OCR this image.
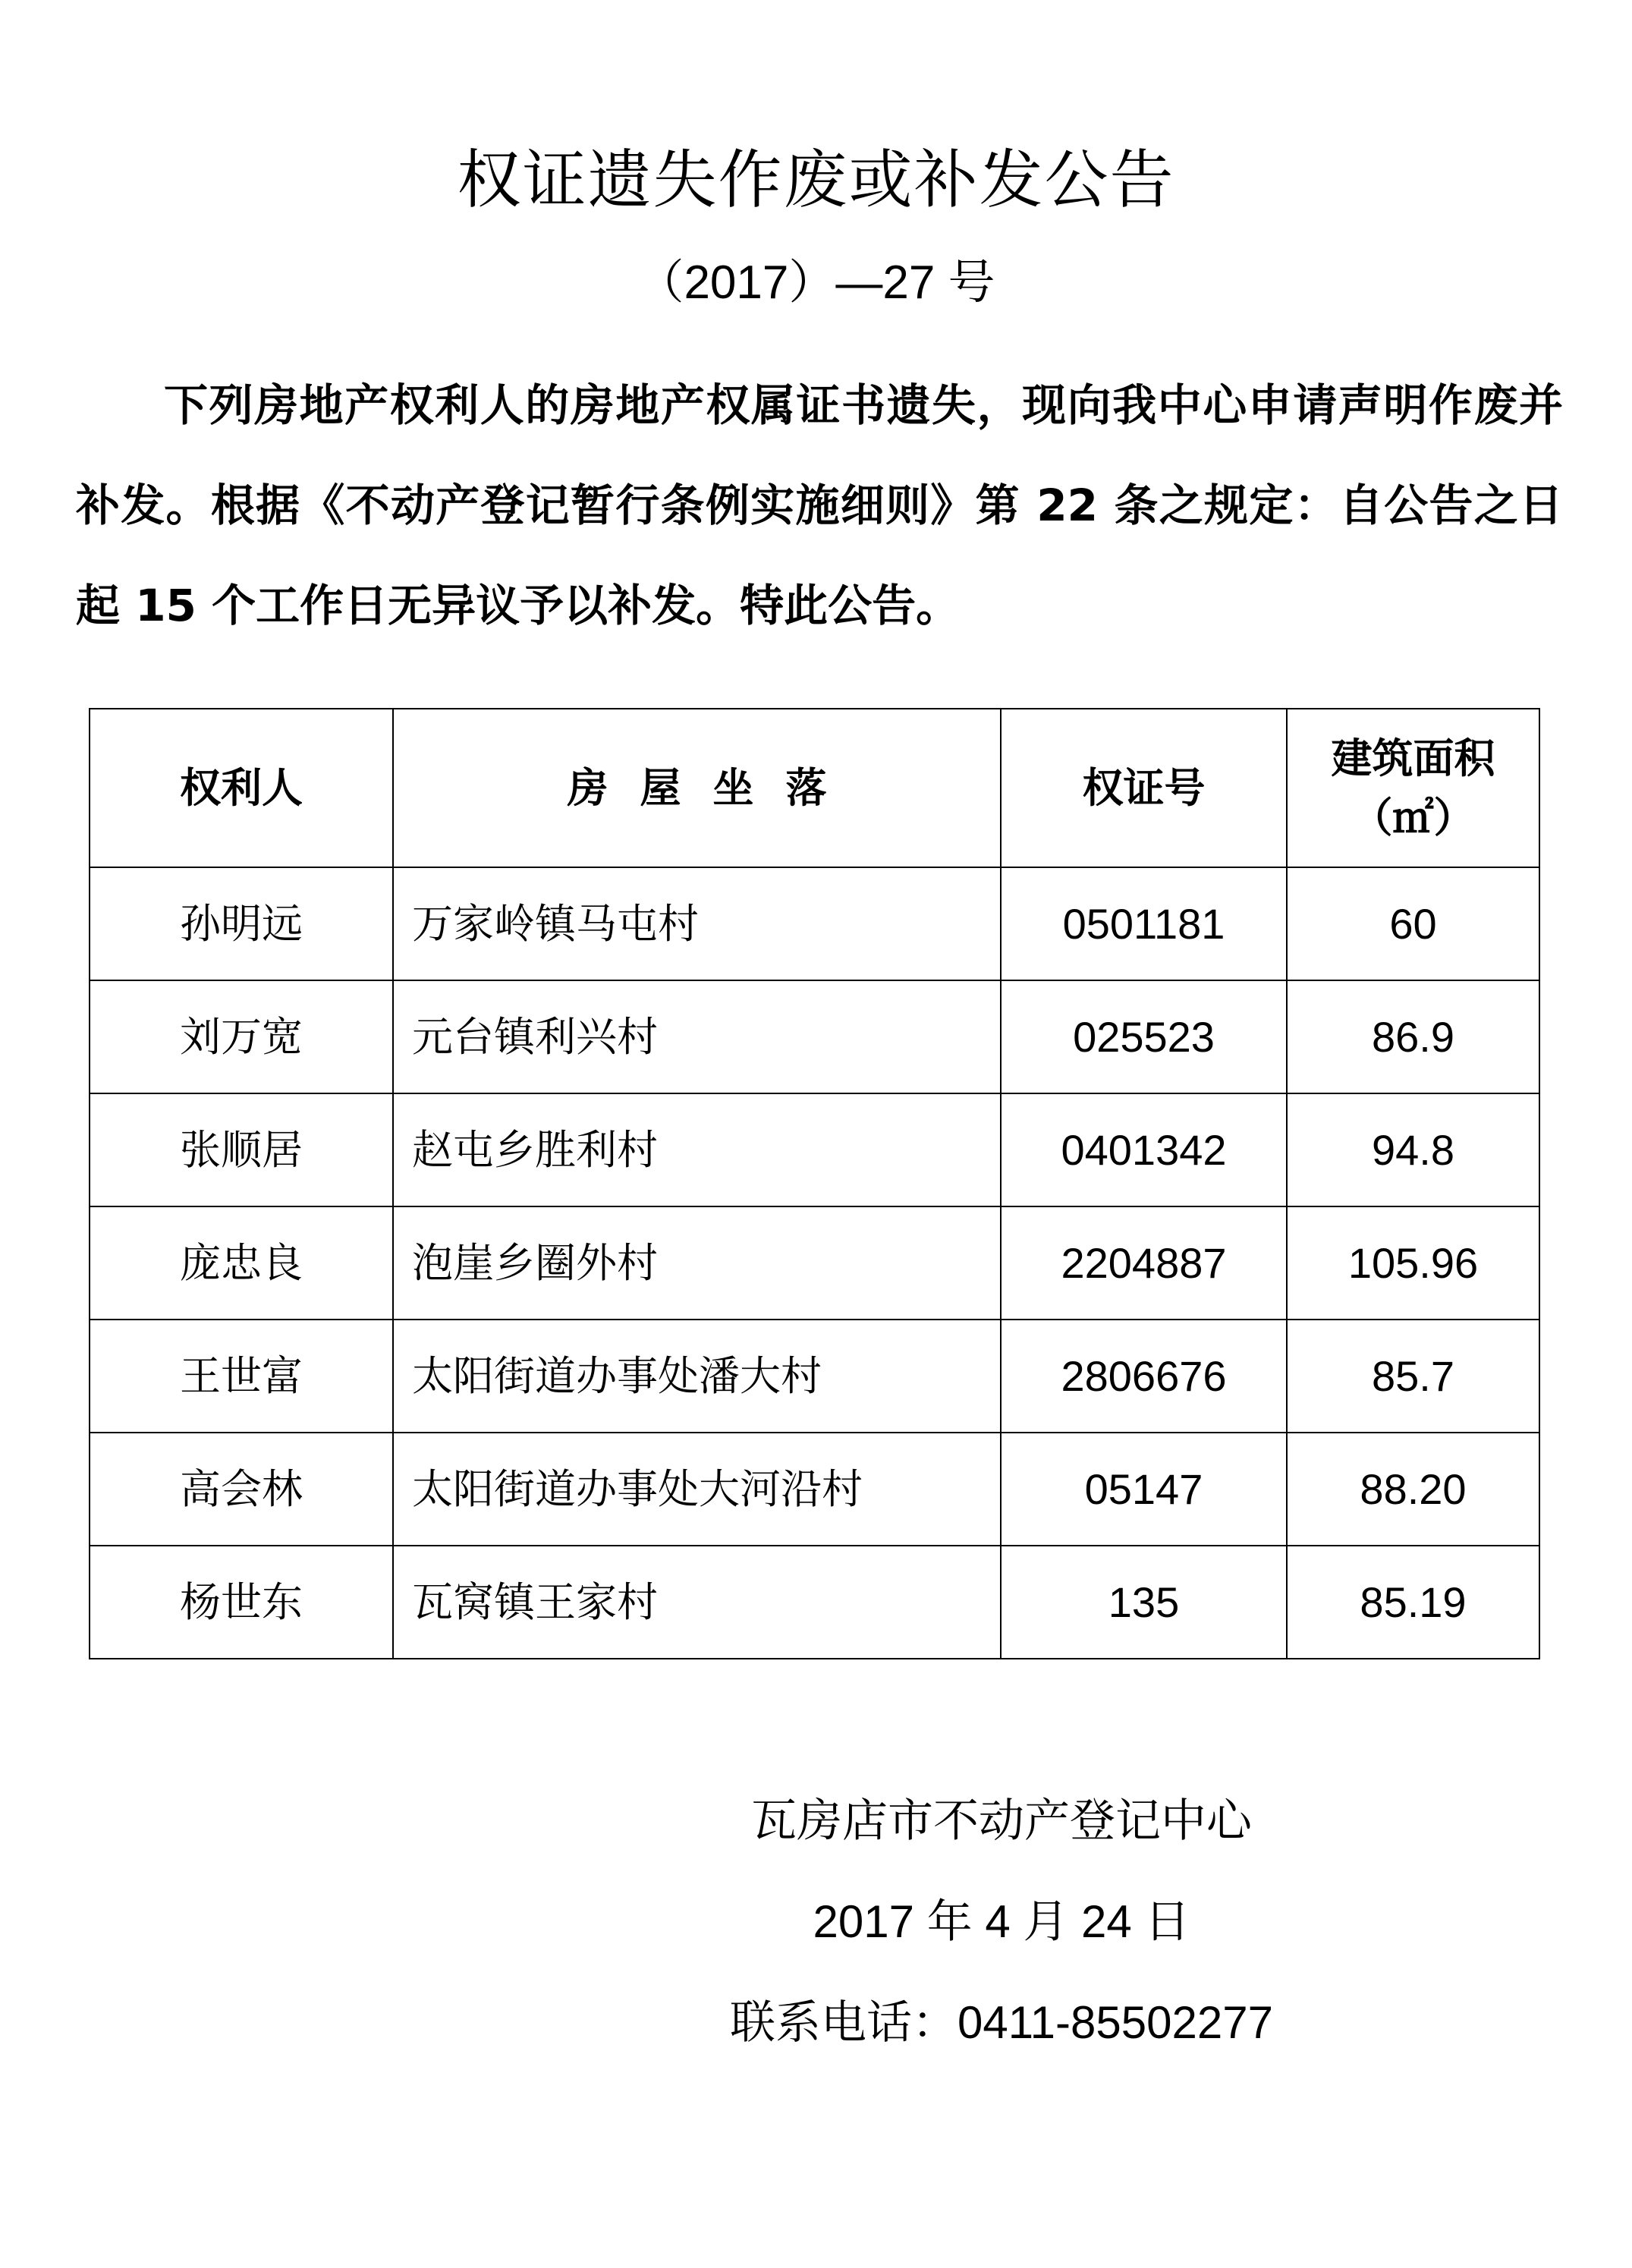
权证遗失作废或补发公告
（2017）—27 号
下列房地产权利人的房地产权属证书遗失，现向我中心申请声明作废并补发。根据《不动产登记暂行条例实施细则》第 22 条之规定：自公告之日起 15 个工作日无异议予以补发。特此公告。
权利人	房屋坐落	权证号	建筑面积
（㎡）

孙明远	万家岭镇马屯村	0501181	60
刘万宽	元台镇利兴村	025523	86.9
张顺居	赵屯乡胜利村	0401342	94.8
庞忠良	泡崖乡圈外村	2204887	105.96
王世富	太阳街道办事处潘大村	2806676	85.7
高会林	太阳街道办事处大河沿村	05147	88.20
杨世东	瓦窝镇王家村	135	85.19
瓦房店市不动产登记中心
2017 年 4 月 24 日
联系电话：0411-85502277
